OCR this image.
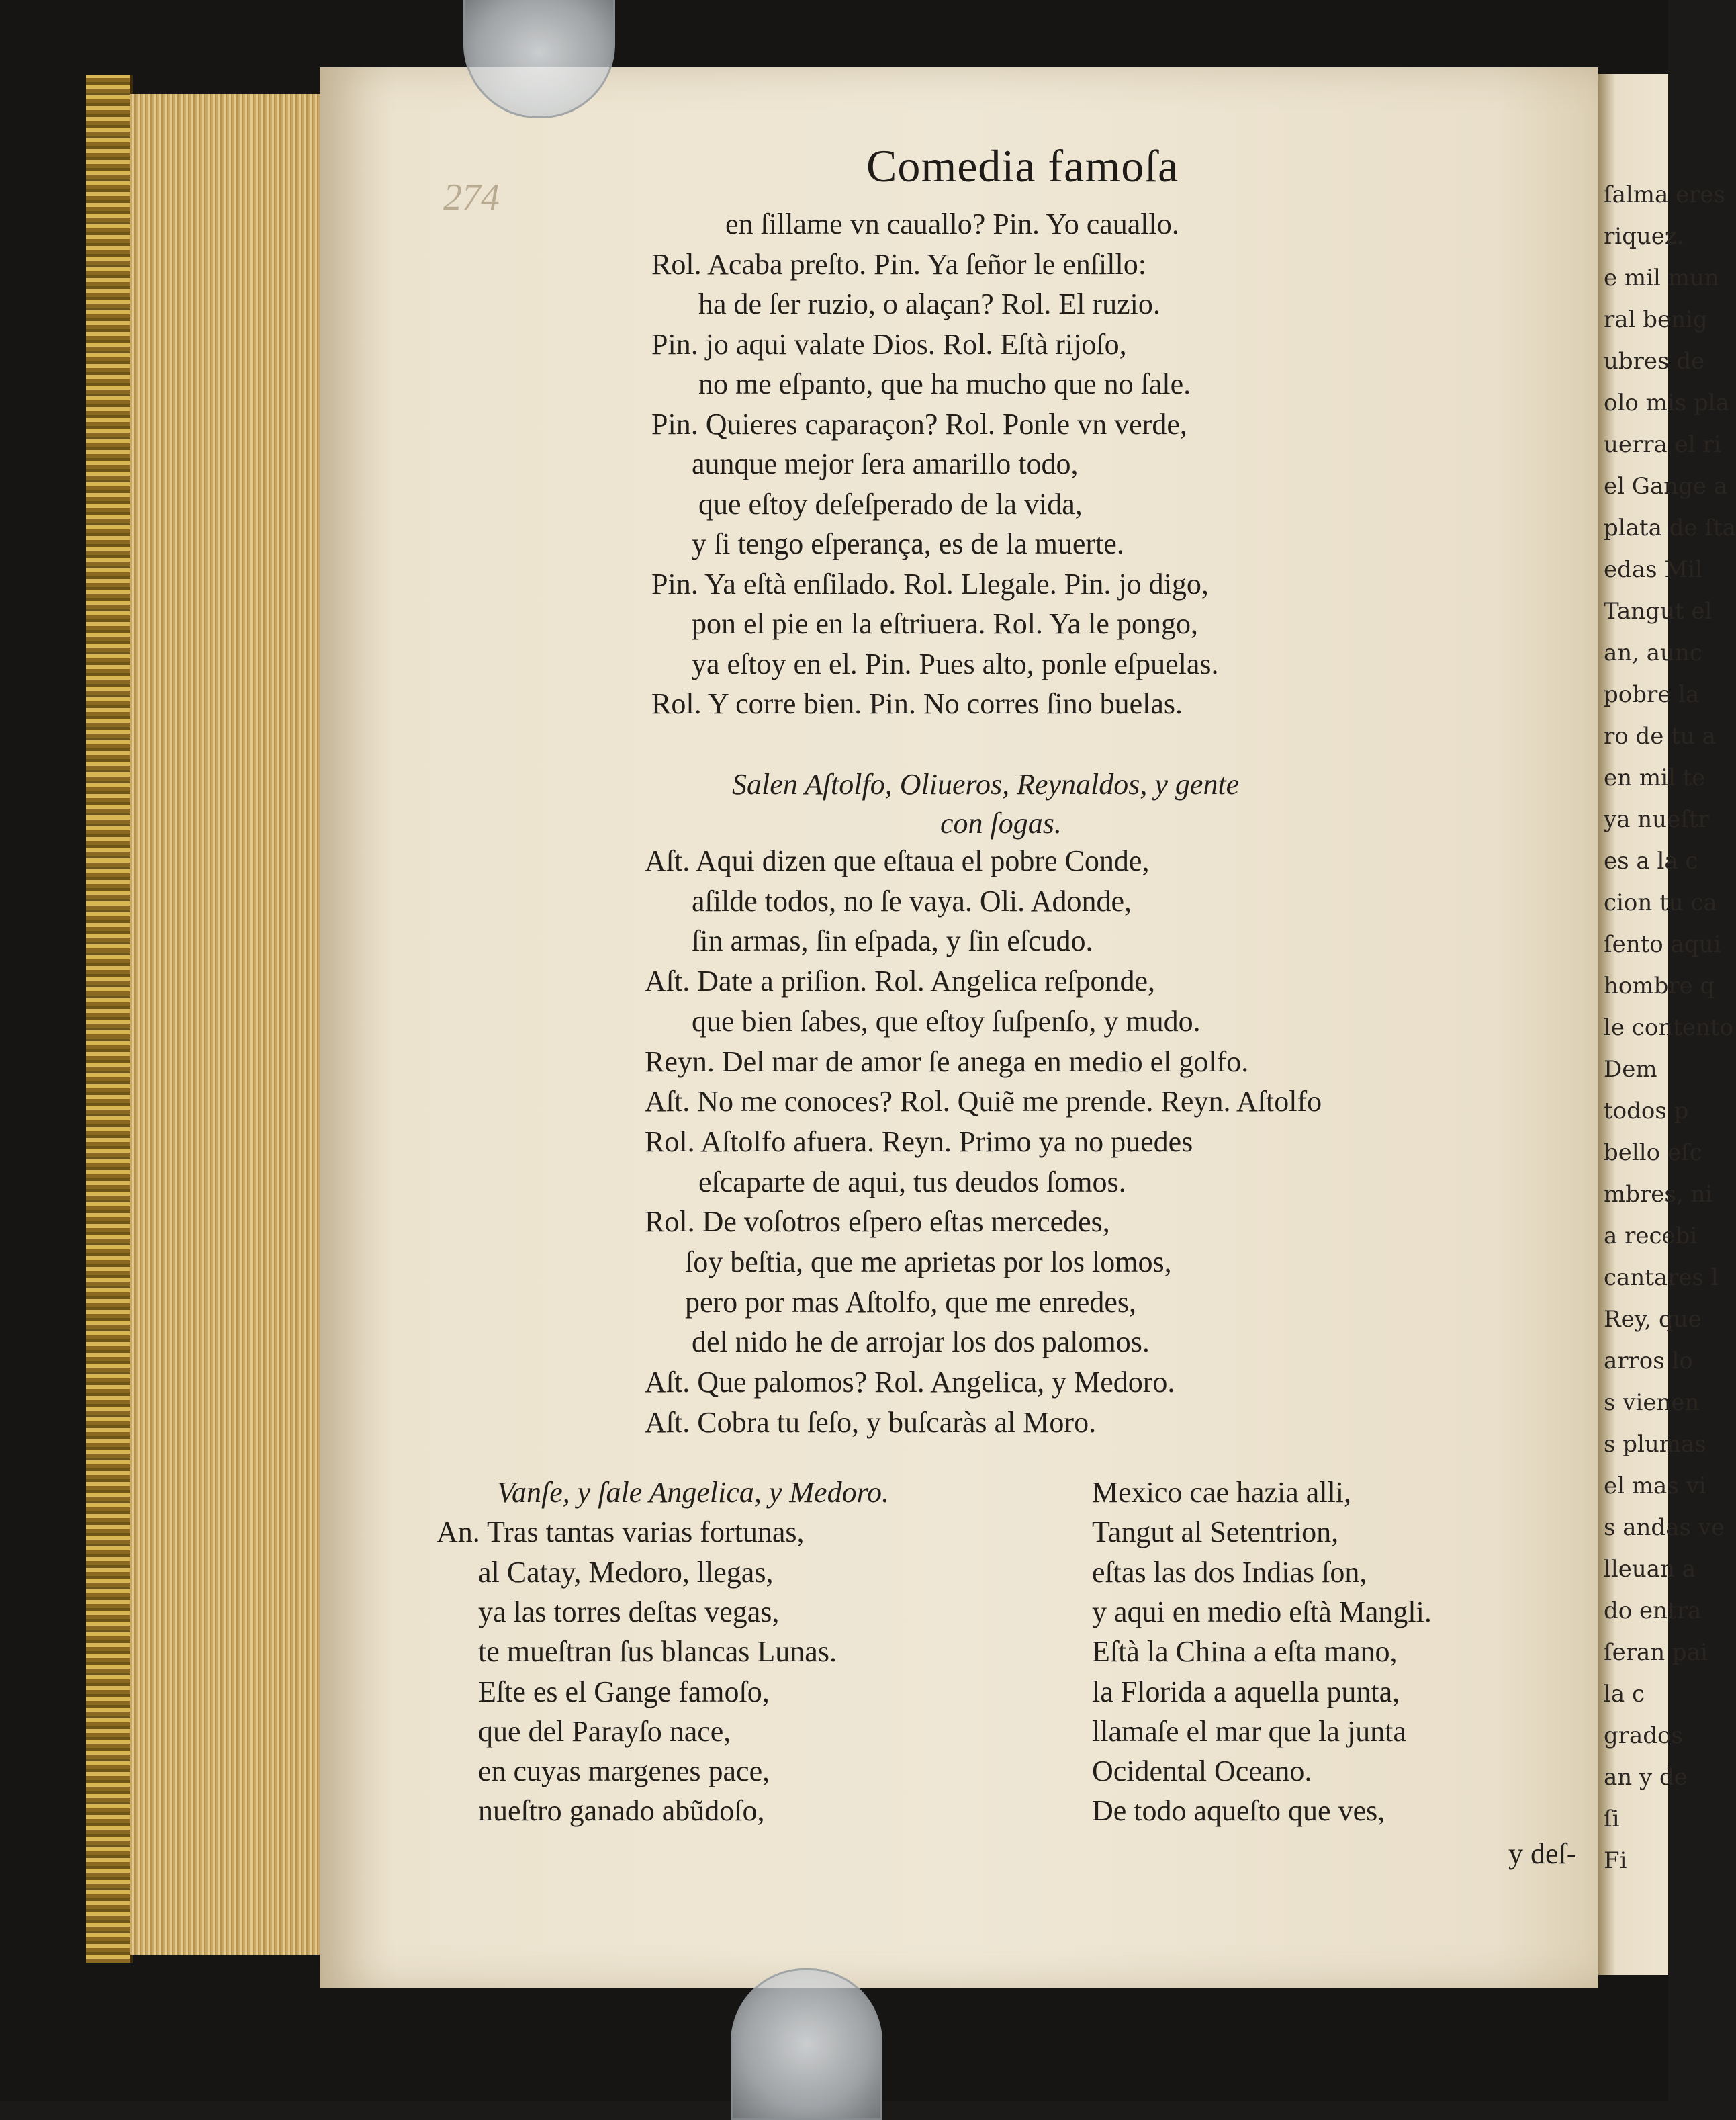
ſalma eres
riquez.
e mil mun
ral benig
ubres de
olo mis pla
uerra el ri
el Gange a
plata de ſta
edas Mil
Tangut el
an, aunc
pobre la
ro de tu a
en mil te
ya nueſtr
es a la c
cion tu ca
ſento aqui
hombre q
le contento
Dem
todos p
bello eſc
mbres, ni
a recebi
cantares l
Rey, que
arros lo
s vienen
s plumas
el mas vi
s andas ve
lleuan a
do entra
ſeran pai
la c
grados
an y de
ſi
Fi
274
Comedia famoſa
y deſ-
en ſillame vn cauallo? Pin. Yo cauallo.
Rol. Acaba preſto. Pin. Ya ſeñor le enſillo:
ha de ſer ruzio, o alaçan? Rol. El ruzio.
Pin. jo aqui valate Dios. Rol. Eſtà rijoſo,
no me eſpanto, que ha mucho que no ſale.
Pin. Quieres caparaçon? Rol. Ponle vn verde,
aunque mejor ſera amarillo todo,
que eſtoy deſeſperado de la vida,
y ſi tengo eſperança, es de la muerte.
Pin. Ya eſtà enſilado. Rol. Llegale. Pin. jo digo,
pon el pie en la eſtriuera. Rol. Ya le pongo,
ya eſtoy en el. Pin. Pues alto, ponle eſpuelas.
Rol. Y corre bien. Pin. No corres ſino buelas.
Salen Aſtolfo, Oliueros, Reynaldos, y gente
con ſogas.
Aſt. Aqui dizen que eſtaua el pobre Conde,
aſilde todos, no ſe vaya. Oli. Adonde,
ſin armas, ſin eſpada, y ſin eſcudo.
Aſt. Date a priſion. Rol. Angelica reſponde,
que bien ſabes, que eſtoy ſuſpenſo, y mudo.
Reyn. Del mar de amor ſe anega en medio el golfo.
Aſt. No me conoces? Rol. Quiẽ me prende. Reyn. Aſtolfo
Rol. Aſtolfo afuera. Reyn. Primo ya no puedes
eſcaparte de aqui, tus deudos ſomos.
Rol. De voſotros eſpero eſtas mercedes,
ſoy beſtia, que me aprietas por los lomos,
pero por mas Aſtolfo, que me enredes,
del nido he de arrojar los dos palomos.
Aſt. Que palomos? Rol. Angelica, y Medoro.
Aſt. Cobra tu ſeſo, y buſcaràs al Moro.
Vanſe, y ſale Angelica, y Medoro.
An. Tras tantas varias fortunas,
al Catay, Medoro, llegas,
ya las torres deſtas vegas,
te mueſtran ſus blancas Lunas.
Eſte es el Gange famoſo,
que del Parayſo nace,
en cuyas margenes pace,
nueſtro ganado abũdoſo,
Mexico cae hazia alli,
Tangut al Setentrion,
eſtas las dos Indias ſon,
y aqui en medio eſtà Mangli.
Eſtà la China a eſta mano,
la Florida a aquella punta,
llamaſe el mar que la junta
Ocidental Oceano.
De todo aqueſto que ves,
